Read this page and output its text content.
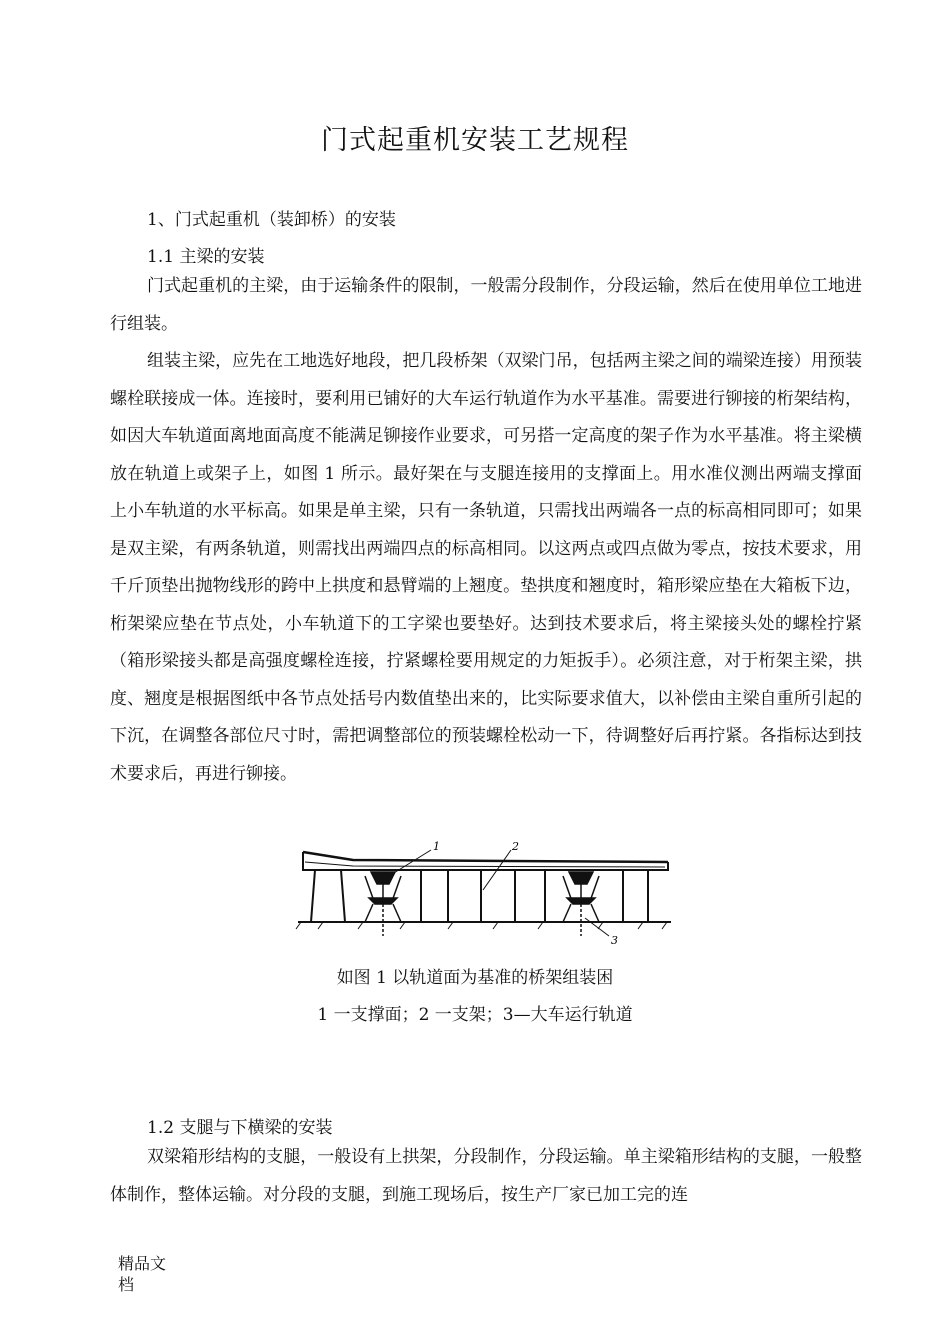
门式起重机安装工艺规程
1、门式起重机（装卸桥）的安装
1.1 主梁的安装

门式起重机的主梁，由于运输条件的限制，一般需分段制作，分段运输，然后在使用单位工地进行组装。

组装主梁，应先在工地选好地段，把几段桥架（双梁门吊，包括两主梁之间的端梁连接）用预装螺栓联接成一体。连接时，要利用已铺好的大车运行轨道作为水平基准。需要进行铆接的桁架结构，如因大车轨道面离地面高度不能满足铆接作业要求，可另搭一定高度的架子作为水平基准。将主梁横放在轨道上或架子上，如图 1 所示。最好架在与支腿连接用的支撑面上。用水准仪测出两端支撑面上小车轨道的水平标高。如果是单主梁，只有一条轨道，只需找出两端各一点的标高相同即可；如果是双主梁，有两条轨道，则需找出两端四点的标高相同。以这两点或四点做为零点，按技术要求，用千斤顶垫出抛物线形的跨中上拱度和悬臂端的上翘度。垫拱度和翘度时，箱形梁应垫在大箱板下边，桁架梁应垫在节点处，小车轨道下的工字梁也要垫好。达到技术要求后，将主梁接头处的螺栓拧紧（箱形梁接头都是高强度螺栓连接，拧紧螺栓要用规定的力矩扳手）。必须注意，对于桁架主梁，拱度、翘度是根据图纸中各节点处括号内数值垫出来的，比实际要求值大，以补偿由主梁自重所引起的下沉，在调整各部位尺寸时，需把调整部位的预装螺栓松动一下，待调整好后再拧紧。各指标达到技术要求后，再进行铆接。

1	2
3
如图 1 以轨道面为基准的桥架组装困
1 一支撑面；2 一支架；3—大车运行轨道
1.2 支腿与下横梁的安装

双梁箱形结构的支腿，一般设有上拱架，分段制作，分段运输。单主梁箱形结构的支腿，一般整体制作，整体运输。对分段的支腿，到施工现场后，按生产厂家已加工完的连

精品文档
